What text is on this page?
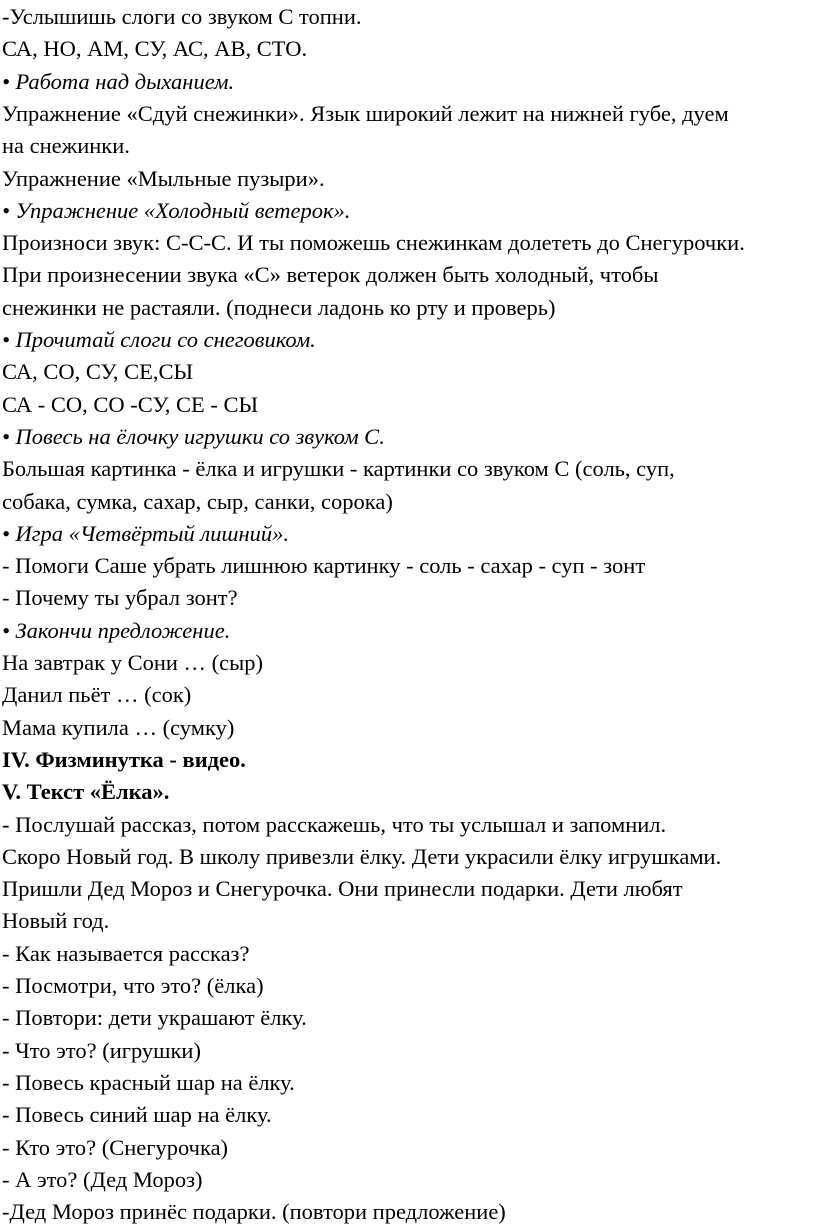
-Услышишь слоги со звуком С топни.
СА, НО, АМ, СУ, АС, АВ, СТО.
• Работа над дыханием.
Упражнение «Сдуй снежинки». Язык широкий лежит на нижней губе, дуем
на снежинки.
Упражнение «Мыльные пузыри».
• Упражнение «Холодный ветерок».
Произноси звук: С-С-С. И ты поможешь снежинкам долететь до Снегурочки.
При произнесении звука «С» ветерок должен быть холодный, чтобы
снежинки не растаяли. (поднеси ладонь ко рту и проверь)
• Прочитай слоги со снеговиком.
СА, СО, СУ, СЕ,СЫ
СА - СО, СО -СУ, СЕ - СЫ
• Повесь на ёлочку игрушки со звуком С.
Большая картинка - ёлка и игрушки - картинки со звуком С (соль, суп,
собака, сумка, сахар, сыр, санки, сорока)
• Игра «Четвёртый лишний».
- Помоги Саше убрать лишнюю картинку - соль - сахар - суп - зонт
- Почему ты убрал зонт?
• Закончи предложение.
На завтрак у Сони … (сыр)
Данил пьёт … (сок)
Мама купила … (сумку)
IV. Физминутка - видео.
V. Текст «Ёлка».
- Послушай рассказ, потом расскажешь, что ты услышал и запомнил.
Скоро Новый год. В школу привезли ёлку. Дети украсили ёлку игрушками.
Пришли Дед Мороз и Снегурочка. Они принесли подарки. Дети любят
Новый год.
- Как называется рассказ?
- Посмотри, что это? (ёлка)
- Повтори: дети украшают ёлку.
- Что это? (игрушки)
- Повесь красный шар на ёлку.
- Повесь синий шар на ёлку.
- Кто это? (Снегурочка)
- А это? (Дед Мороз)
-Дед Мороз принёс подарки. (повтори предложение)
